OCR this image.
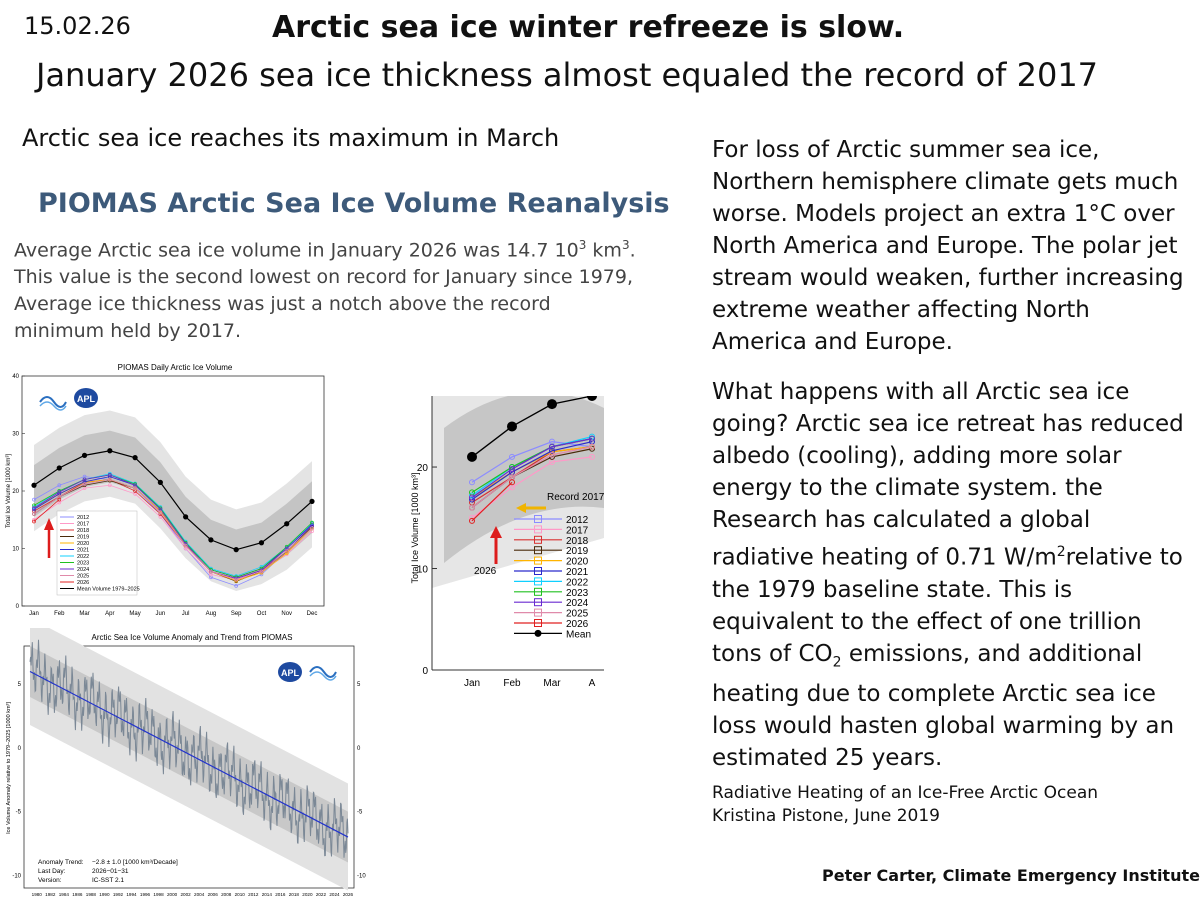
15.02.26	Arctic sea ice winter refreeze is slow.
January 2026 sea ice thickness almost equaled the record of 2017
Arctic sea ice reaches its maximum in March
PIOMAS Arctic Sea Ice Volume Reanalysis
Average Arctic sea ice volume in January 2026 was 14.7 $10^3$ $km^3$.
This value is the second lowest on record for January since 1979,
Average ice thickness was just a notch above the record
minimum held by 2017.
For loss of Arctic summer sea ice, Northern hemisphere climate gets much worse. Models project an extra 1°C over North America and Europe. The polar jet stream would weaken, further increasing extreme weather affecting North America and Europe.
What happens with all Arctic sea ice going? Arctic sea ice retreat has reduced albedo (cooling), adding more solar energy to the climate system. the Research has calculated a global radiative heating of 0.71 $W/m^2relative$ to the 1979 baseline state. This is equivalent to the effect of one trillion tons of $CO_2$ emissions, and additional heating due to complete Arctic sea ice loss would hasten global warming by an estimated 25 years.
Radiative Heating of an Ice-Free Arctic Ocean
Kristina Pistone, June 2019
Peter Carter, Climate Emergency Institute
PIOMAS Daily Arctic Ice Volume
Jan	Feb Mar	Apr May Jun	Jul	Aug Sep	Oct	Nov Dec
0
10
20
30
40
Total Ice Volume [1000 km³]
APL
2012
2017
2018
2019
2020
2021
2022
2023
2024
2025
2026
Mean Volume 1979–2025
Jan Feb Mar	A
0
10
20
Total Ice Volume [1000 km³]	Record 2017
2026
2012
2017
2018
2019
2020
2021
2022
2023
2024
2025
2026
Mean
Arctic Sea Ice Volume Anomaly and Trend from PIOMAS
1980 1982 1984 1986 1988 1990 1992 1994 1996 1998 2000 2002 2004 2006 2008 2010 2012 2014 2016 2018 2020 2022 2024 2026
-10	-10
-5	-5
0	0
5	5
Ice Volume Anomaly relative to 1979–2025 [1000 km³]
APL
Anomaly Trend: −2.8 ± 1.0 [1000 km³/Decade]
Last Day:	2026−01−31
Version:	IC-SST 2.1
